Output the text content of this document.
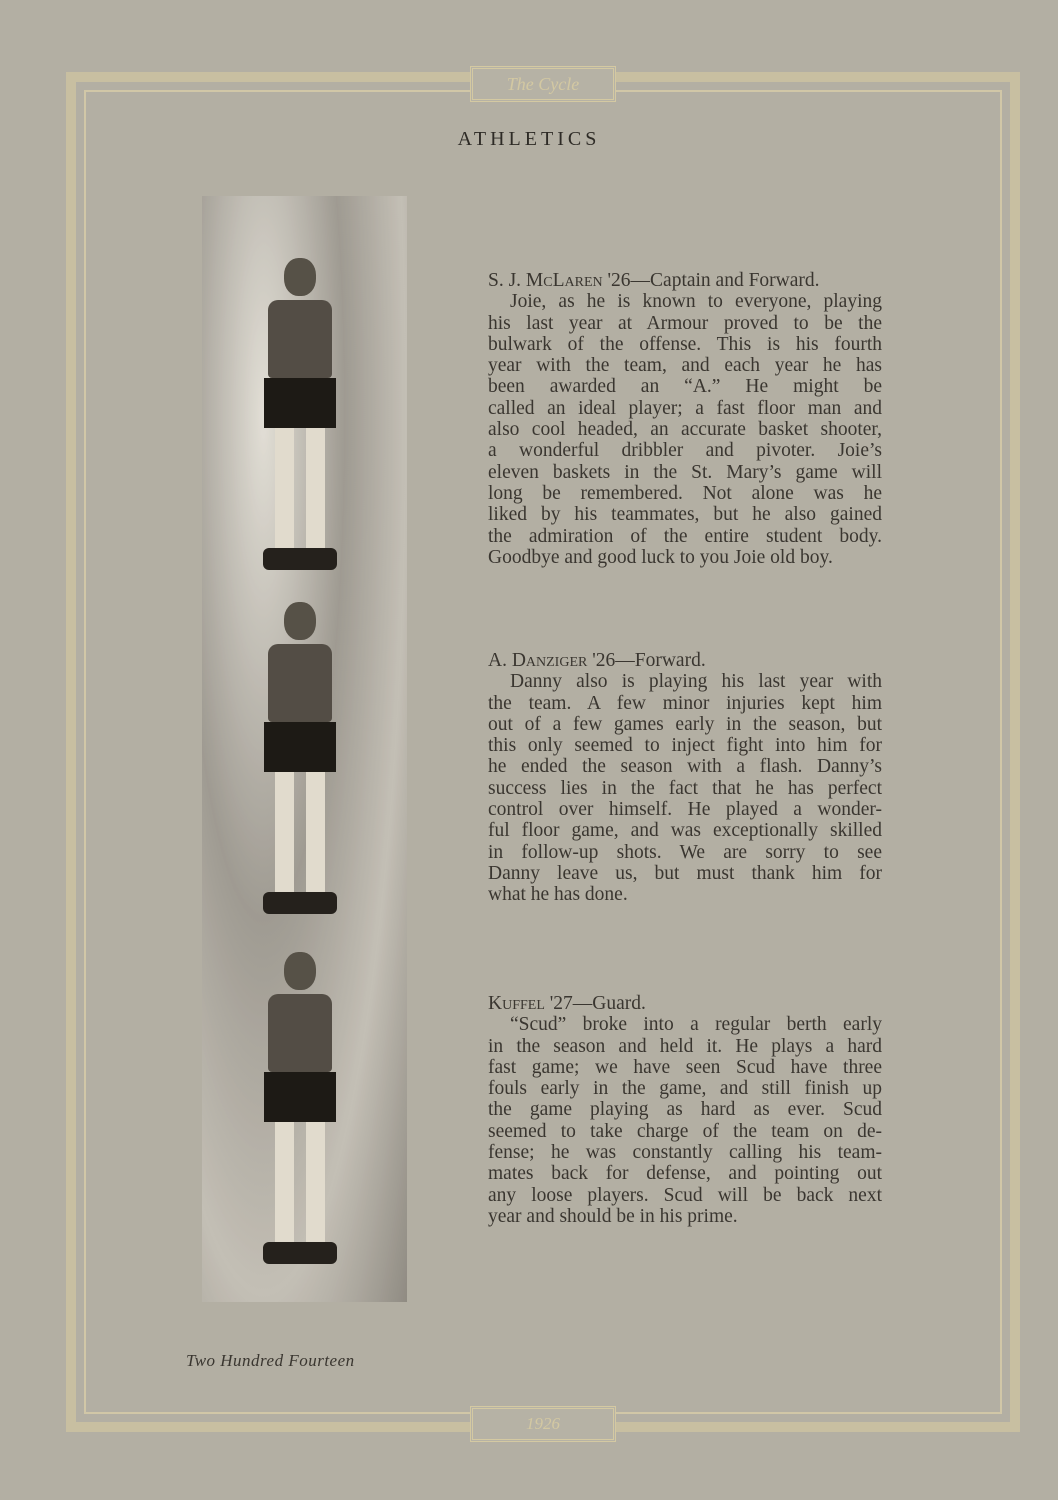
The Cycle
1926
ATHLETICS
S. J. McLaren '26—Captain and Forward.
Joie, as he is known to everyone, playing
his last year at Armour proved to be the
bulwark of the offense. This is his fourth
year with the team, and each year he has
been awarded an “A.” He might be
called an ideal player; a fast floor man and
also cool headed, an accurate basket shooter,
a wonderful dribbler and pivoter. Joie’s
eleven baskets in the St. Mary’s game will
long be remembered. Not alone was he
liked by his teammates, but he also gained
the admiration of the entire student body.
Goodbye and good luck to you Joie old boy.
A. Danziger '26—Forward.
Danny also is playing his last year with
the team. A few minor injuries kept him
out of a few games early in the season, but
this only seemed to inject fight into him for
he ended the season with a flash. Danny’s
success lies in the fact that he has perfect
control over himself. He played a wonder-
ful floor game, and was exceptionally skilled
in follow-up shots. We are sorry to see
Danny leave us, but must thank him for
what he has done.
Kuffel '27—Guard.
“Scud” broke into a regular berth early
in the season and held it. He plays a hard
fast game; we have seen Scud have three
fouls early in the game, and still finish up
the game playing as hard as ever. Scud
seemed to take charge of the team on de-
fense; he was constantly calling his team-
mates back for defense, and pointing out
any loose players. Scud will be back next
year and should be in his prime.
Two Hundred Fourteen
